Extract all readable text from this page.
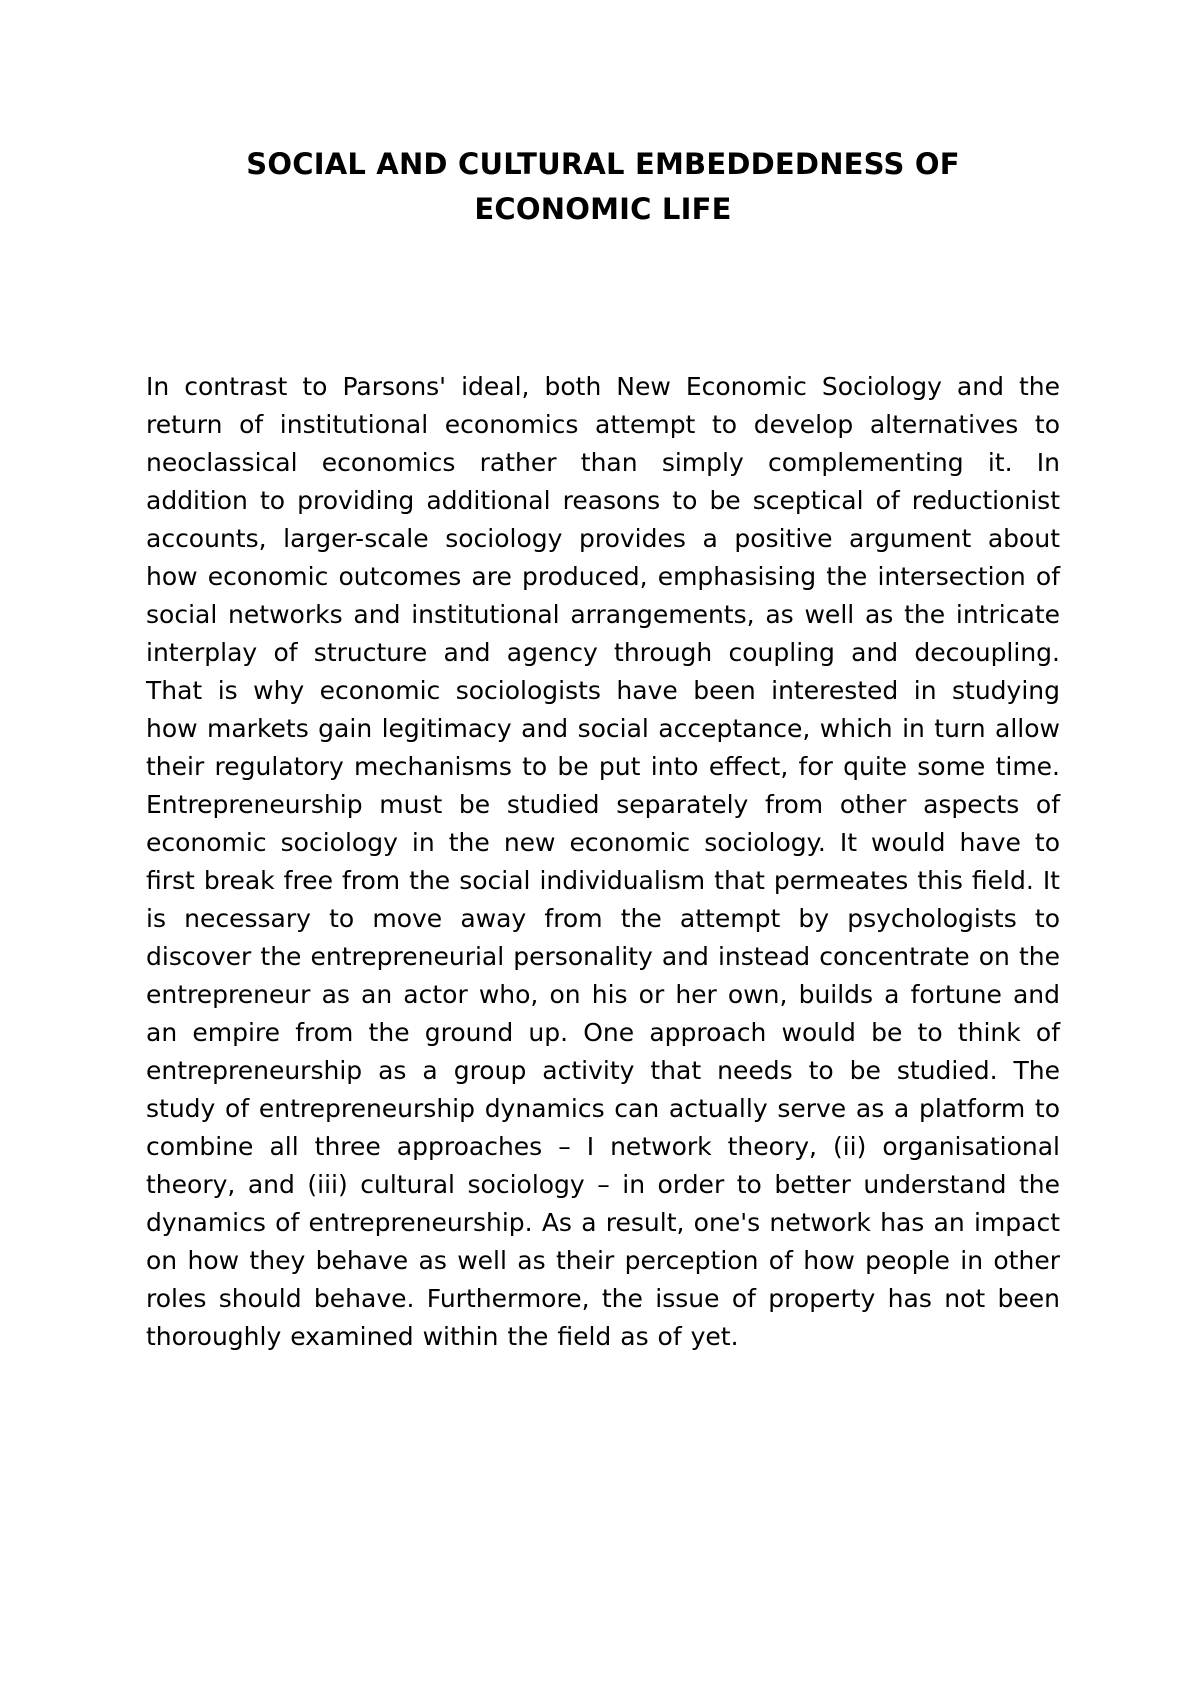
SOCIAL AND CULTURAL EMBEDDEDNESS OF
ECONOMIC LIFE

In contrast to Parsons' ideal, both New Economic Sociology and the return of institutional economics attempt to develop alternatives to neoclassical economics rather than simply complementing it. In addition to providing additional reasons to be sceptical of reductionist accounts, larger-scale sociology provides a positive argument about how economic outcomes are produced, emphasising the intersection of social networks and institutional arrangements, as well as the intricate interplay of structure and agency through coupling and decoupling. That is why economic sociologists have been interested in studying how markets gain legitimacy and social acceptance, which in turn allow their regulatory mechanisms to be put into effect, for quite some time. Entrepreneurship must be studied separately from other aspects of economic sociology in the new economic sociology. It would have to first break free from the social individualism that permeates this field. It is necessary to move away from the attempt by psychologists to discover the entrepreneurial personality and instead concentrate on the entrepreneur as an actor who, on his or her own, builds a fortune and an empire from the ground up. One approach would be to think of entrepreneurship as a group activity that needs to be studied. The study of entrepreneurship dynamics can actually serve as a platform to combine all three approaches – I network theory, (ii) organisational theory, and (iii) cultural sociology – in order to better understand the dynamics of entrepreneurship. As a result, one's network has an impact on how they behave as well as their perception of how people in other roles should behave. Furthermore, the issue of property has not been thoroughly examined within the field as of yet.
